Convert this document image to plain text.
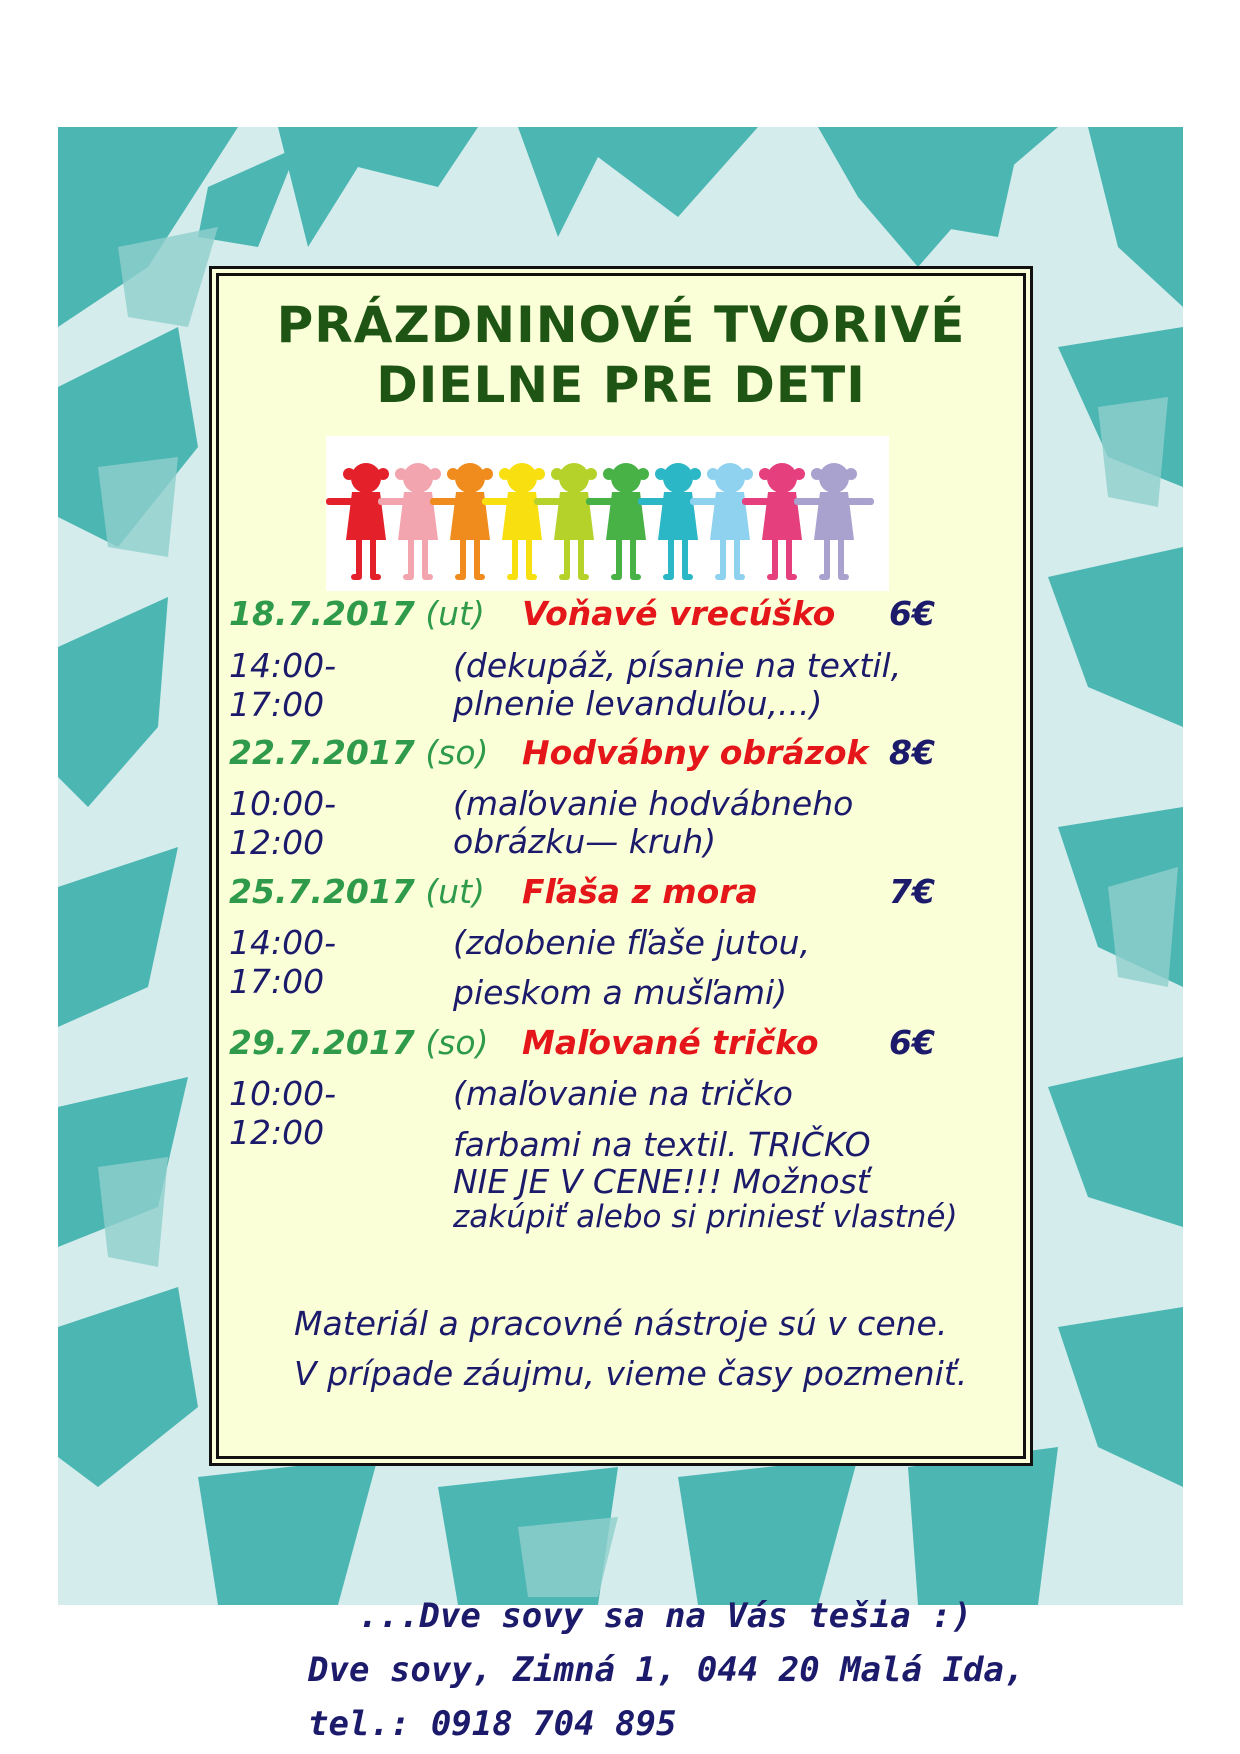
PRÁZDNINOVÉ TVORIVÉ
DIELNE PRE DETI
18.7.2017 (ut) Voňavé vrecúško 6€
14:00-17:00
(dekupáž, písanie na textil,
plnenie levanduľou,...)
22.7.2017 (so) Hodvábny obrázok 8€
10:00-12:00
(maľovanie hodvábneho
obrázku— kruh)
25.7.2017 (ut) Fľaša z mora	7€
14:00-17:00
(zdobenie fľaše jutou,
pieskom a mušľami)
29.7.2017 (so) Maľované tričko 6€
10:00-12:00
(maľovanie na tričko
farbami na textil. TRIČKO
NIE JE V CENE!!! Možnosť
zakúpiť alebo si priniesť vlastné)
Materiál a pracovné nástroje sú v cene.
V prípade záujmu, vieme časy pozmeniť.
...Dve sovy sa na Vás tešia :)
Dve sovy, Zimná 1, 044 20 Malá Ida,
tel.: 0918 704 895
